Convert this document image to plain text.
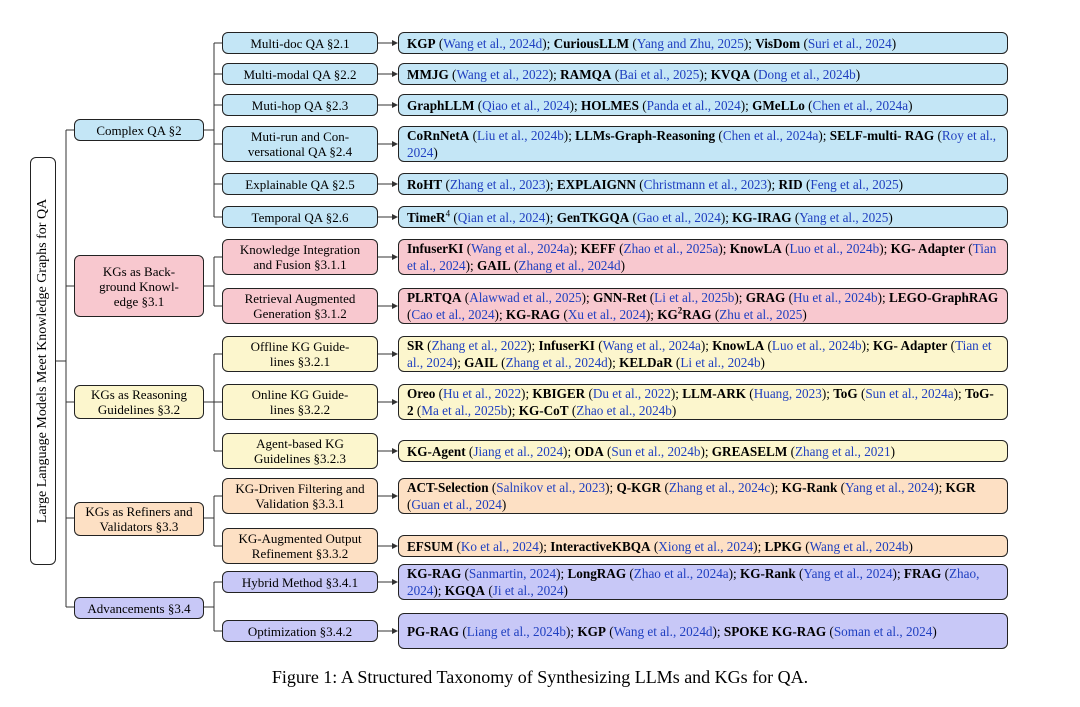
Large Language Models Meet Knowledge Graphs for QA
Complex QA §2
KGs as Back- ground Knowl- edge §3.1
KGs as Reasoning Guidelines §3.2
KGs as Refiners and Validators §3.3
Advancements §3.4
Multi-doc QA §2.1
Multi-modal QA §2.2
Muti-hop QA §2.3
Muti-run and Con- versational QA §2.4
Explainable QA §2.5
Temporal QA §2.6
Knowledge Integration and Fusion §3.1.1
Retrieval Augmented Generation §3.1.2
Offline KG Guide- lines §3.2.1
Online KG Guide- lines §3.2.2
Agent-based KG Guidelines §3.2.3
KG-Driven Filtering and Validation §3.3.1
KG-Augmented Output Refinement §3.3.2
Hybrid Method §3.4.1
Optimization §3.4.2
KGP (Wang et al., 2024d); CuriousLLM (Yang and Zhu, 2025); VisDom (Suri et al., 2024)
MMJG (Wang et al., 2022); RAMQA (Bai et al., 2025); KVQA (Dong et al., 2024b)
GraphLLM (Qiao et al., 2024); HOLMES (Panda et al., 2024); GMeLLo (Chen et al., 2024a)
CoRnNetA (Liu et al., 2024b); LLMs-Graph-Reasoning (Chen et al., 2024a); SELF-multi- RAG (Roy et al., 2024)
RoHT (Zhang et al., 2023); EXPLAIGNN (Christmann et al., 2023); RID (Feng et al., 2025)
TimeR$^4$ (Qian et al., 2024); GenTKGQA (Gao et al., 2024); KG-IRAG (Yang et al., 2025)
InfuserKI (Wang et al., 2024a); KEFF (Zhao et al., 2025a); KnowLA (Luo et al., 2024b); KG- Adapter (Tian et al., 2024); GAIL (Zhang et al., 2024d)
PLRTQA (Alawwad et al., 2025); GNN-Ret (Li et al., 2025b); GRAG (Hu et al., 2024b); LEGO-GraphRAG (Cao et al., 2024); KG-RAG (Xu et al., 2024); $KG^2RAG$ (Zhu et al., 2025)
SR (Zhang et al., 2022); InfuserKI (Wang et al., 2024a); KnowLA (Luo et al., 2024b); KG- Adapter (Tian et al., 2024); GAIL (Zhang et al., 2024d); KELDaR (Li et al., 2024b)
Oreo (Hu et al., 2022); KBIGER (Du et al., 2022); LLM-ARK (Huang, 2023); ToG (Sun et al., 2024a); ToG-2 (Ma et al., 2025b); KG-CoT (Zhao et al., 2024b)
KG-Agent (Jiang et al., 2024); ODA (Sun et al., 2024b); GREASELM (Zhang et al., 2021)
ACT-Selection (Salnikov et al., 2023); Q-KGR (Zhang et al., 2024c); KG-Rank (Yang et al., 2024); KGR (Guan et al., 2024)
EFSUM (Ko et al., 2024); InteractiveKBQA (Xiong et al., 2024); LPKG (Wang et al., 2024b)
KG-RAG (Sanmartin, 2024); LongRAG (Zhao et al., 2024a); KG-Rank (Yang et al., 2024); FRAG (Zhao, 2024); KGQA (Ji et al., 2024)
PG-RAG (Liang et al., 2024b); KGP (Wang et al., 2024d); SPOKE KG-RAG (Soman et al., 2024)
Figure 1: A Structured Taxonomy of Synthesizing LLMs and KGs for QA.
